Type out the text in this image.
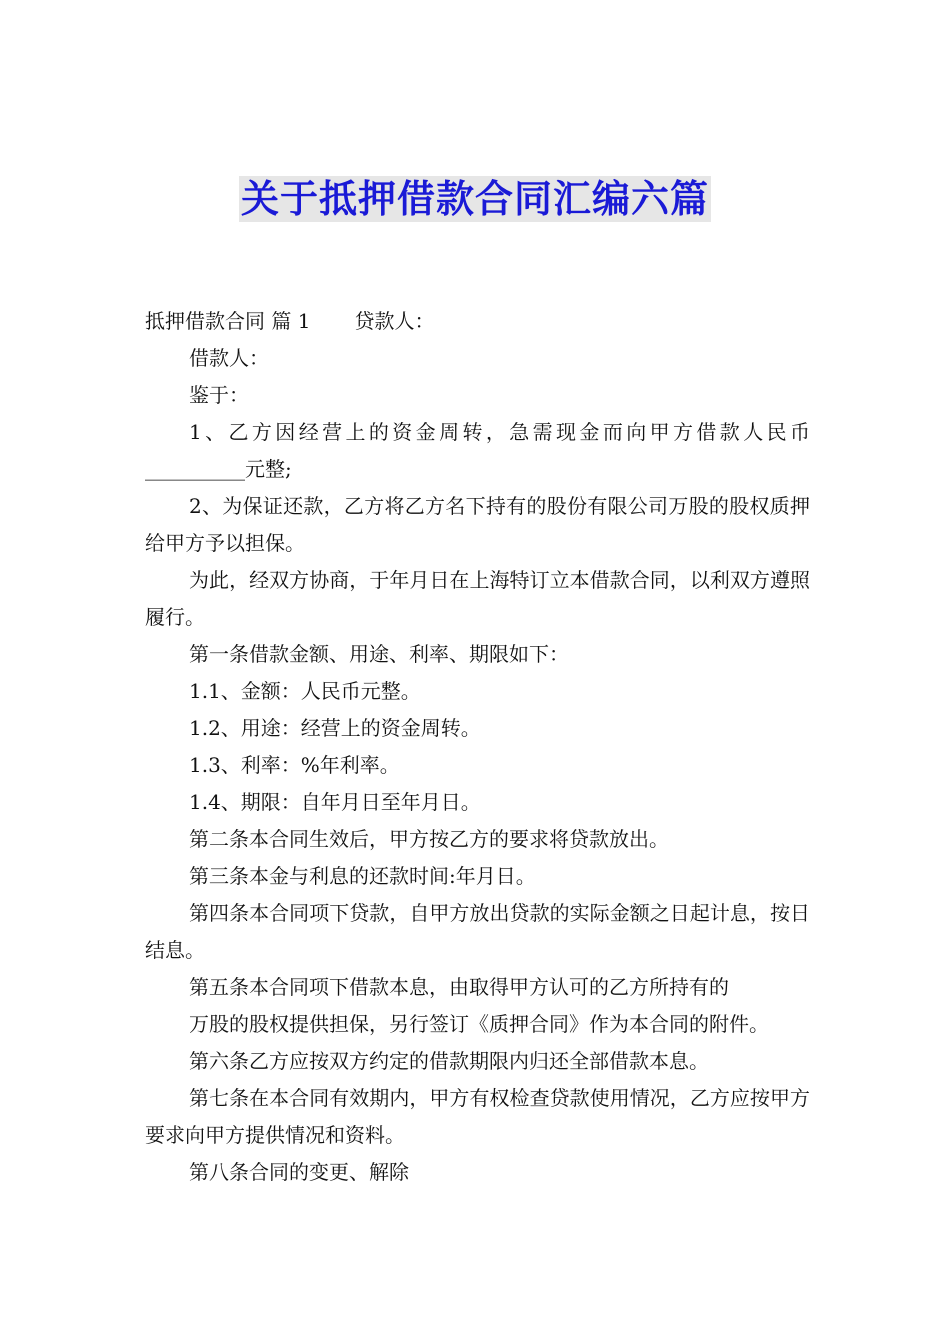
关于抵押借款合同汇编六篇

抵押借款合同 篇 1 贷款人：

借款人：

鉴于：

1、乙方因经营上的资金周转，急需现金而向甲方借款人民币__________元整;

2、为保证还款，乙方将乙方名下持有的股份有限公司万股的股权质押给甲方予以担保。

为此，经双方协商，于年月日在上海特订立本借款合同，以利双方遵照履行。

第一条借款金额、用途、利率、期限如下：

1.1、金额：人民币元整。

1.2、用途：经营上的资金周转。

1.3、利率：%年利率。

1.4、期限：自年月日至年月日。

第二条本合同生效后，甲方按乙方的要求将贷款放出。

第三条本金与利息的还款时间:年月日。

第四条本合同项下贷款，自甲方放出贷款的实际金额之日起计息，按日结息。

第五条本合同项下借款本息，由取得甲方认可的乙方所持有的

万股的股权提供担保，另行签订《质押合同》作为本合同的附件。

第六条乙方应按双方约定的借款期限内归还全部借款本息。

第七条在本合同有效期内，甲方有权检查贷款使用情况，乙方应按甲方要求向甲方提供情况和资料。

第八条合同的变更、解除
